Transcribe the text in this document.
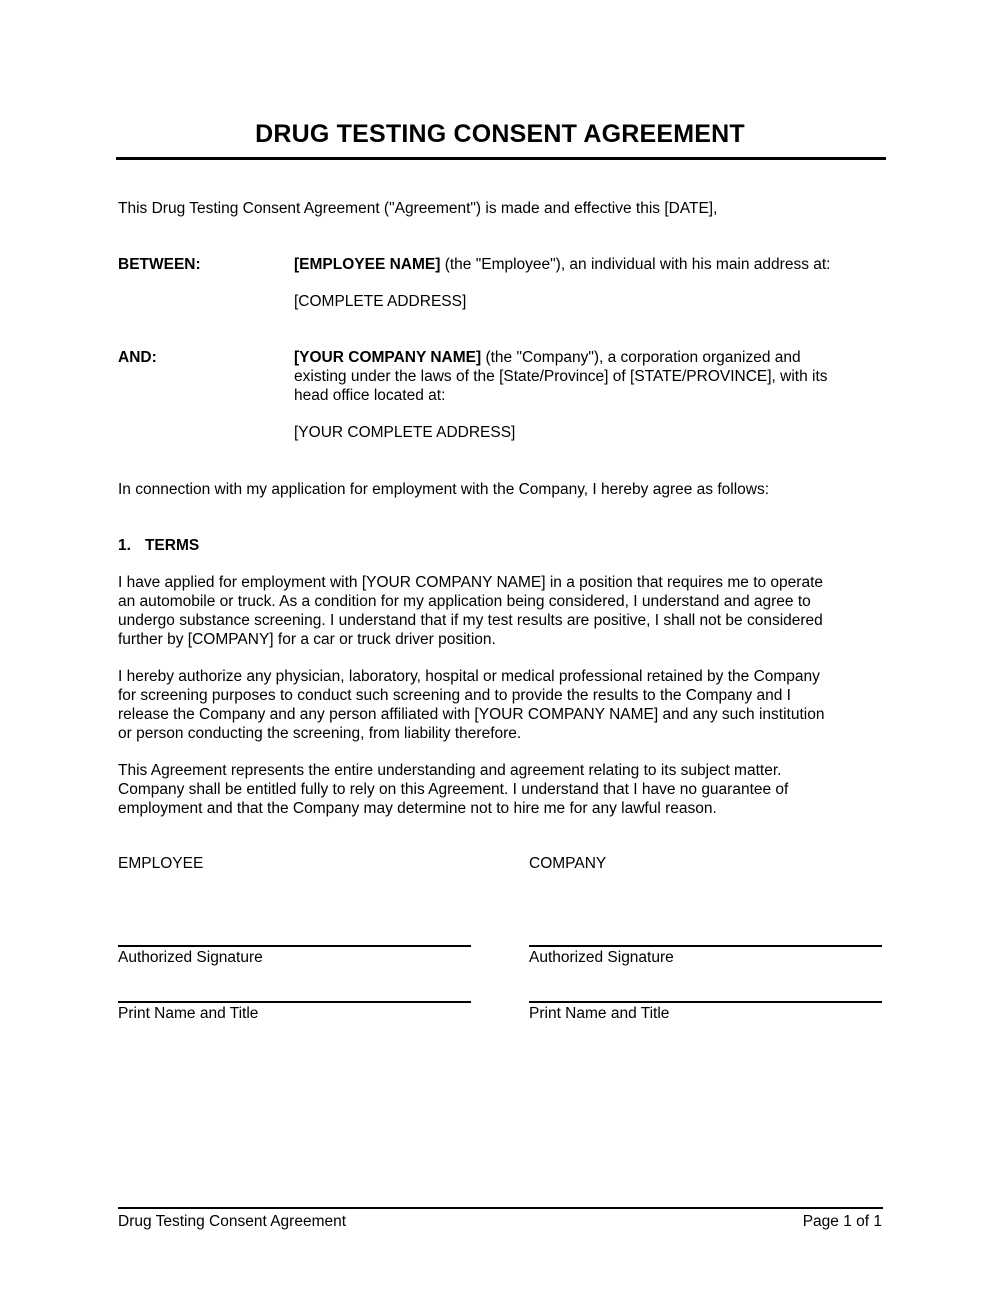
DRUG TESTING CONSENT AGREEMENT
This Drug Testing Consent Agreement ("Agreement") is made and effective this [DATE],
BETWEEN:	[EMPLOYEE NAME] (the "Employee"), an individual with his main address at:
[COMPLETE ADDRESS]
AND:	[YOUR COMPANY NAME] (the "Company"), a corporation organized and
existing under the laws of the [State/Province] of [STATE/PROVINCE], with its
head office located at:
[YOUR COMPLETE ADDRESS]
In connection with my application for employment with the Company, I hereby agree as follows:
1. TERMS
I have applied for employment with [YOUR COMPANY NAME] in a position that requires me to operate
an automobile or truck. As a condition for my application being considered, I understand and agree to
undergo substance screening. I understand that if my test results are positive, I shall not be considered
further by [COMPANY] for a car or truck driver position.
I hereby authorize any physician, laboratory, hospital or medical professional retained by the Company
for screening purposes to conduct such screening and to provide the results to the Company and I
release the Company and any person affiliated with [YOUR COMPANY NAME] and any such institution
or person conducting the screening, from liability therefore.
This Agreement represents the entire understanding and agreement relating to its subject matter.
Company shall be entitled fully to rely on this Agreement. I understand that I have no guarantee of
employment and that the Company may determine not to hire me for any lawful reason.
EMPLOYEE
Authorized Signature
Print Name and Title
COMPANY
Authorized Signature
Print Name and Title
Drug Testing Consent Agreement	Page 1 of 1
